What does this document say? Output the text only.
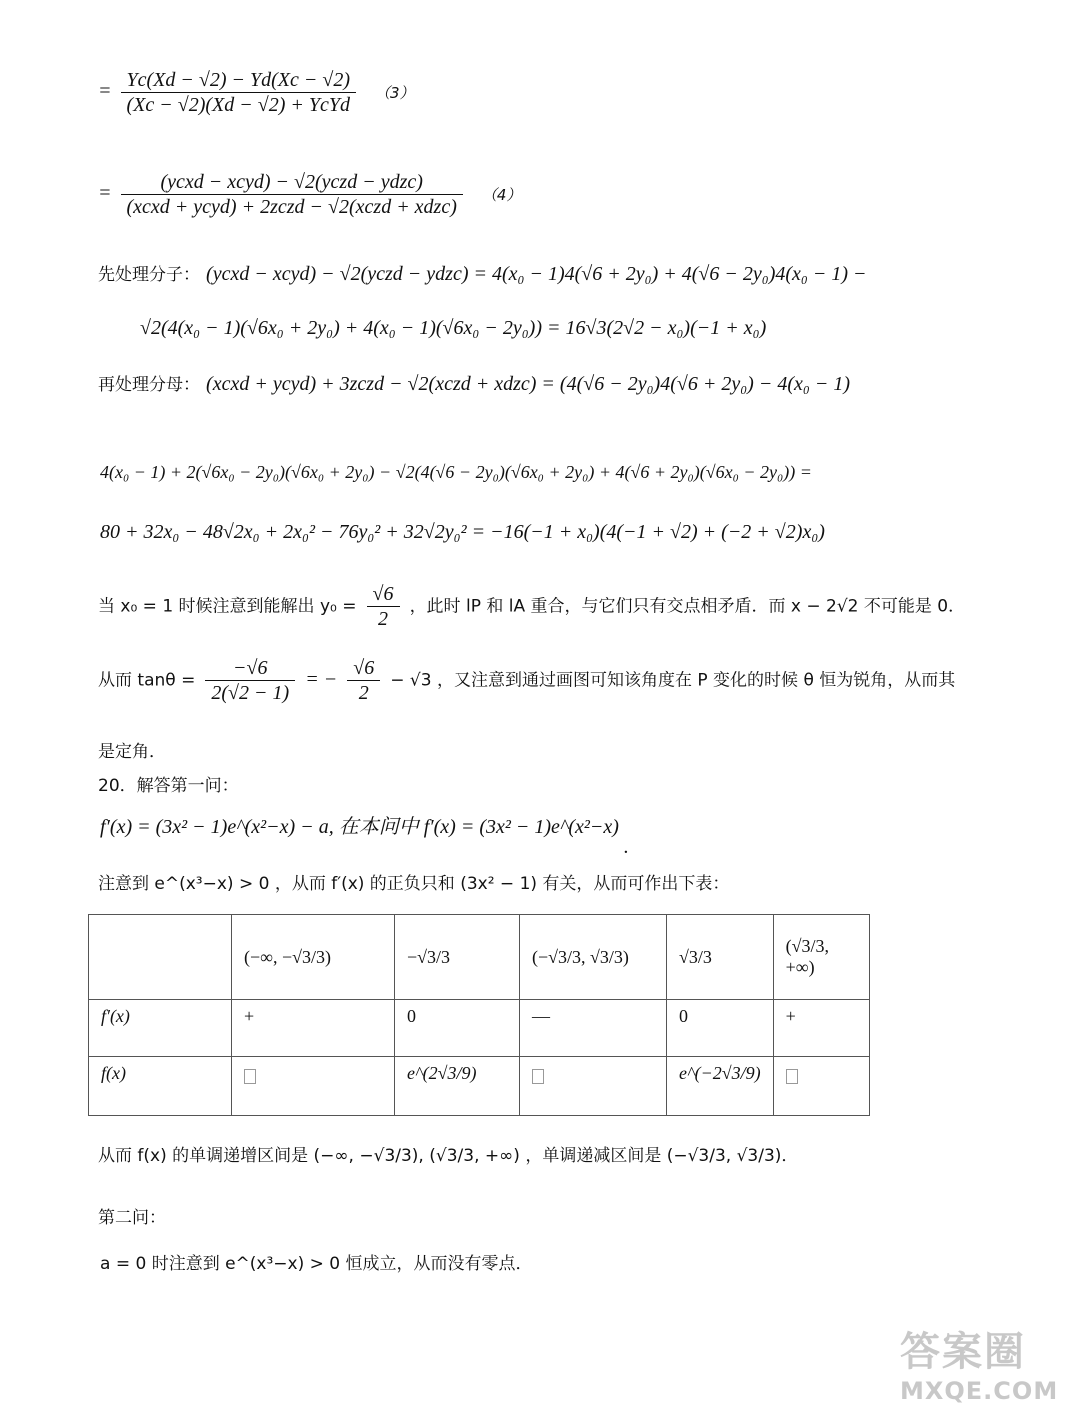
= $\frac{Yc(Xd - √2) - Yd(Xc - √2)}{\text{(Xc − √2)(Xd − √2) + YcYd}} (3)$
= $\frac{\text{(ycxd − xcyd) − √2(yczd − ydzc)}}{\text{(xcxd + ycyd) + 2zczd − √2(xczd + xdzc)}} (4)$
先处理分子： (ycxd − xcyd) − √2(yczd − ydzc) = 4(x₀ − 1)4(√6 + 2y₀) + 4(√6 − 2y₀)4(x₀ − 1) −
√2(4(x₀ − 1)(√6x₀ + 2y₀) + 4(x₀ − 1)(√6x₀ − 2y₀)) = 16√3(2√2 − x₀)(−1 + x₀)
再处理分母： (xcxd + ycyd) + 3zczd − √2(xczd + xdzc) = (4(√6 − 2y₀)4(√6 + 2y₀) − 4(x₀ − 1)
4(x₀ − 1) + 2(√6x₀ − 2y₀)(√6x₀ + 2y₀) − √2(4(√6 − 2y₀)(√6x₀ + 2y₀) + 4(√6 + 2y₀)(√6x₀ − 2y₀)) =
80 + 32x₀ − 48√2x₀ + 2x₀² − 76y₀² + 32√2y₀² = −16(−1 + x₀)(4(−1 + √2) + (−2 + √2)x₀)
当 x₀ = 1 时候注意到能解出 $y_0 = \frac{√6}{2}$ ，此时 lP 和 lA 重合，与它们只有交点相矛盾．而 x − 2√2 不可能是 0．
从而 $\tan\theta = \frac{-√6}{2(√2 - 1)}$ = − $\frac{√6}{2} - √3$ ，又注意到通过画图可知该角度在 P 变化的时候 θ 恒为锐角，从而其
是定角．
20．解答第一问：
f′(x) = (3x² − 1)e^(x²−x) − a, 在本问中 f′(x) = (3x² − 1)e^(x²−x) .
注意到 e^(x³−x) > 0 ，从而 f′(x) 的正负只和 (3x² − 1) 有关，从而可作出下表：
	(−∞, −√3/3)	−√3/3	(−√3/3, √3/3)	√3/3	(√3/3, +∞)
f′(x)	+	0	—	0	+
f(x)		e^(2√3/9)		e^(−2√3/9)	
从而 f(x) 的单调递增区间是 (−∞, −√3/3), (√3/3, +∞) ，单调递减区间是 (−√3/3, √3/3)．
第二问：
a = 0 时注意到 e^(x³−x) > 0 恒成立，从而没有零点．
答案圈
MXQE.COM
